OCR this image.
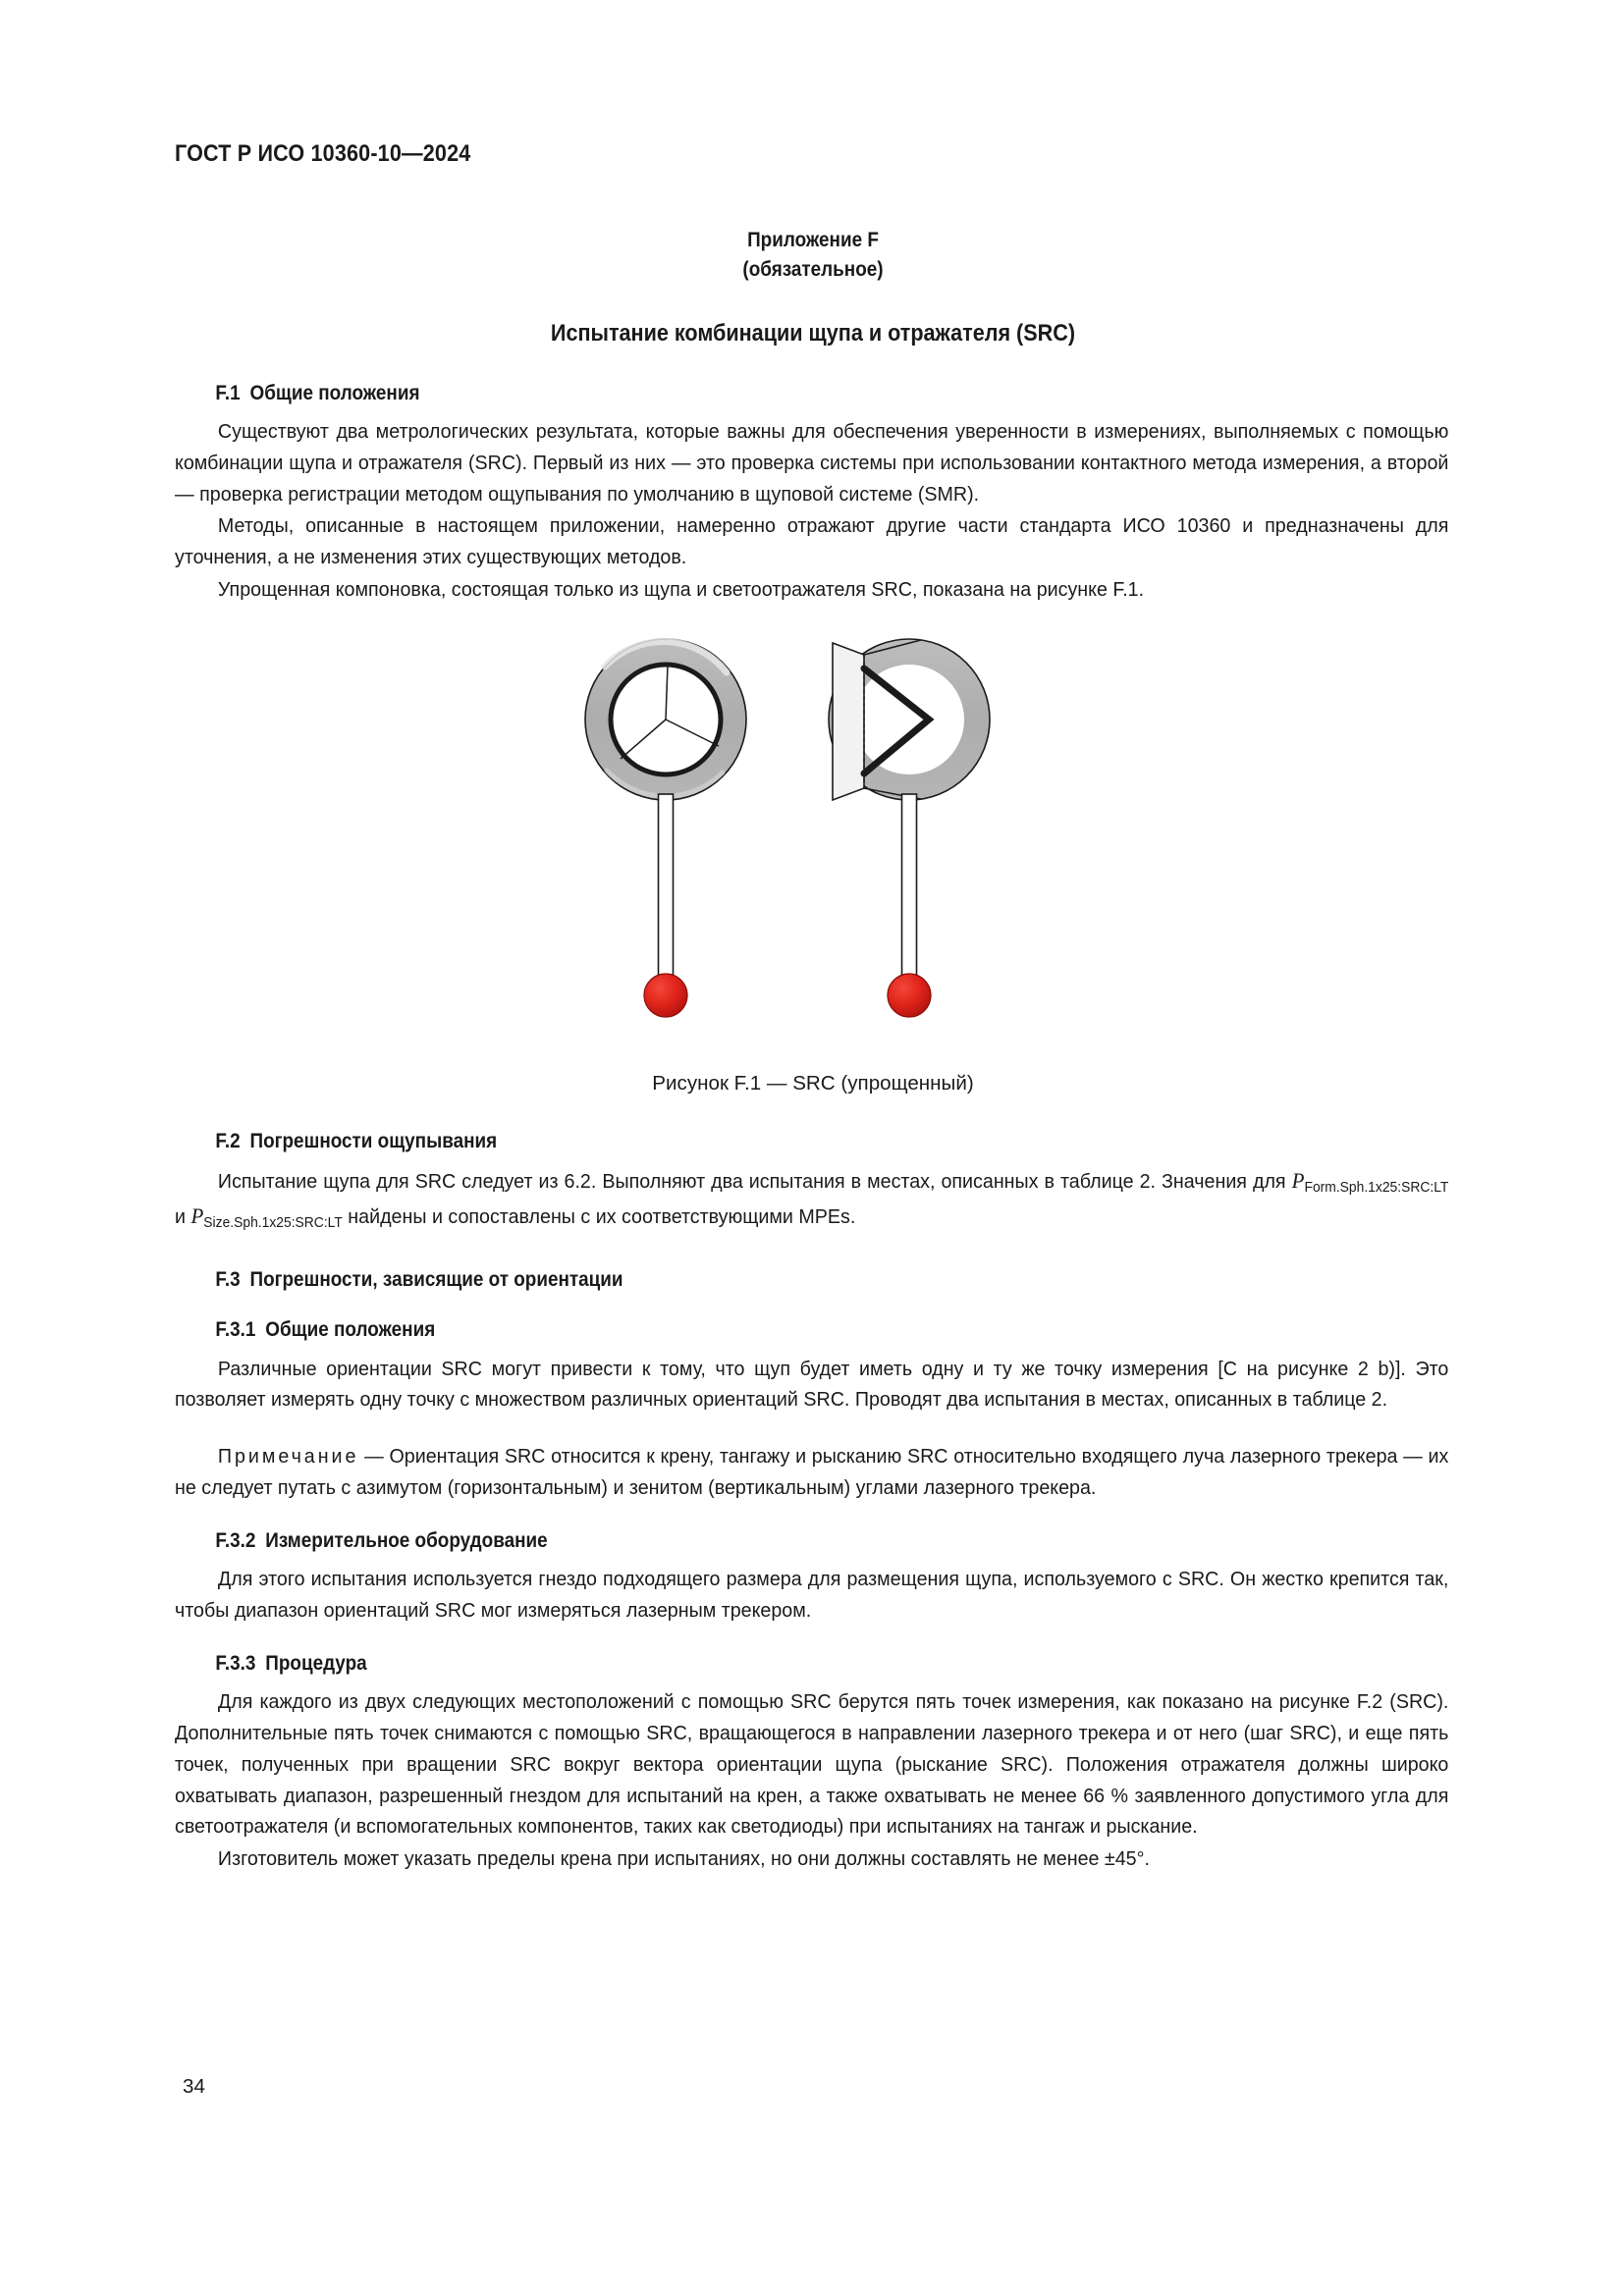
ГОСТ Р ИСО 10360-10—2024
Приложение F
(обязательное)
Испытание комбинации щупа и отражателя (SRC)
F.1 Общие положения

Существуют два метрологических результата, которые важны для обеспечения уверенности в измерениях, выполняемых с помощью комбинации щупа и отражателя (SRC). Первый из них — это проверка системы при использовании контактного метода измерения, а второй — проверка регистрации методом ощупывания по умолчанию в щуповой системе (SMR).

Методы, описанные в настоящем приложении, намеренно отражают другие части стандарта ИСО 10360 и предназначены для уточнения, а не изменения этих существующих методов.

Упрощенная компоновка, состоящая только из щупа и светоотражателя SRC, показана на рисунке F.1.

Рисунок F.1 — SRC (упрощенный)
F.2 Погрешности ощупывания

Испытание щупа для SRC следует из 6.2. Выполняют два испытания в местах, описанных в таблице 2. Значения для $P_{Form.Sph.1x25:SRC:LT}$ и $P_{Size.Sph.1x25:SRC:LT}$ найдены и сопоставлены с их соответствующими MPEs.

F.3 Погрешности, зависящие от ориентации
F.3.1 Общие положения

Различные ориентации SRC могут привести к тому, что щуп будет иметь одну и ту же точку измерения [С на рисунке 2 b)]. Это позволяет измерять одну точку с множеством различных ориентаций SRC. Проводят два испытания в местах, описанных в таблице 2.

Примечание — Ориентация SRC относится к крену, тангажу и рысканию SRC относительно входящего луча лазерного трекера — их не следует путать с азимутом (горизонтальным) и зенитом (вертикальным) углами лазерного трекера.

F.3.2 Измерительное оборудование

Для этого испытания используется гнездо подходящего размера для размещения щупа, используемого с SRC. Он жестко крепится так, чтобы диапазон ориентаций SRC мог измеряться лазерным трекером.

F.3.3 Процедура

Для каждого из двух следующих местоположений с помощью SRC берутся пять точек измерения, как показано на рисунке F.2 (SRC). Дополнительные пять точек снимаются с помощью SRC, вращающегося в направлении лазерного трекера и от него (шаг SRC), и еще пять точек, полученных при вращении SRC вокруг вектора ориентации щупа (рыскание SRC). Положения отражателя должны широко охватывать диапазон, разрешенный гнездом для испытаний на крен, а также охватывать не менее 66 % заявленного допустимого угла для светоотражателя (и вспомогательных компонентов, таких как светодиоды) при испытаниях на тангаж и рыскание.

Изготовитель может указать пределы крена при испытаниях, но они должны составлять не менее ±45°.

34
